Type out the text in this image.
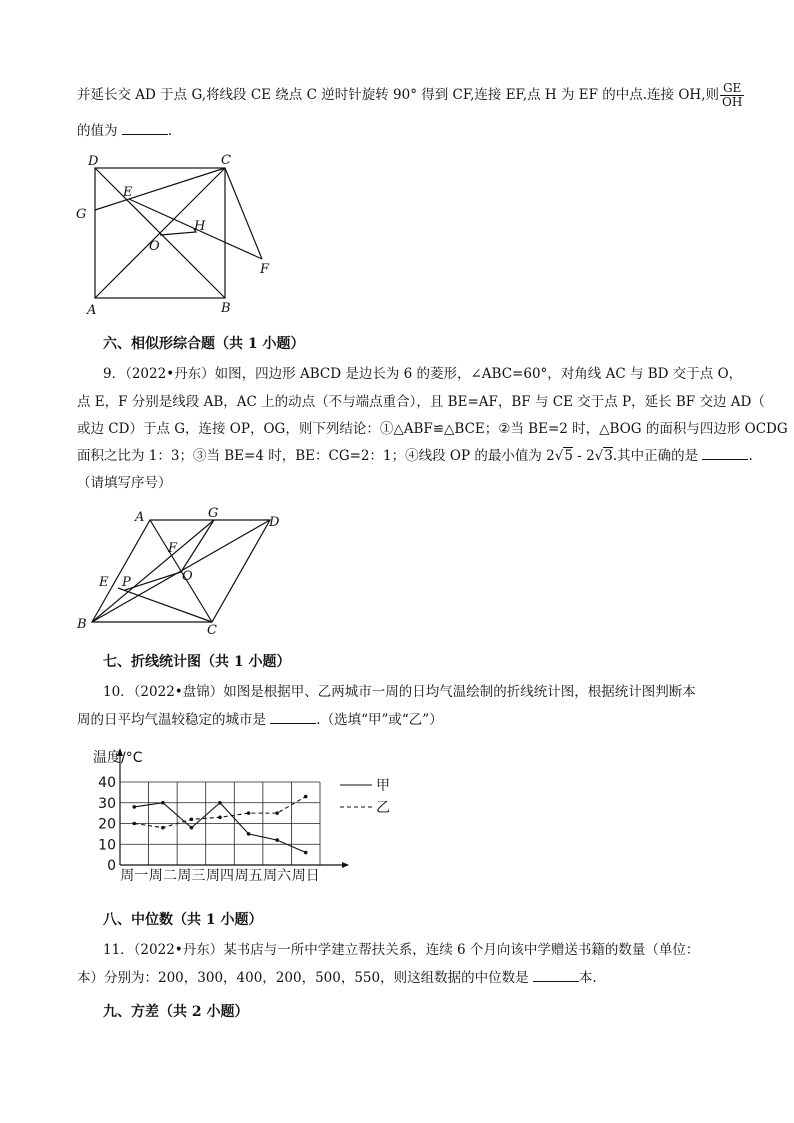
并延长交 AD 于点 G,将线段 CE 绕点 C 逆时针旋转 90° 得到 CF,连接 EF,点 H 为 EF 的中点.连接 OH,则 $\frac{GE}{OH}$
的值为	.
D	C
E
G
H
O
F
A	B
六、相似形综合题（共 1 小题）
9．（2022•丹东）如图，四边形 ABCD 是边长为 6 的菱形，∠ABC=60°，对角线 AC 与 BD 交于点 O，
点 E，F 分别是线段 AB，AC 上的动点（不与端点重合），且 BE=AF，BF 与 CE 交于点 P，延长 BF 交边 AD（
或边 CD）于点 G，连接 OP，OG，则下列结论：①△ABF≌△BCE；②当 BE=2 时，△BOG 的面积与四边形 OCDG
面积之比为 1：3；③当 BE=4 时，BE：CG=2：1；④线段 OP 的最小值为 2√5 - 2√3.其中正确的是	.
（请填写序号）
A	G
D
F
O
E P
B	C
七、折线统计图（共 1 小题）
10．（2022•盘锦）如图是根据甲、乙两城市一周的日均气温绘制的折线统计图，根据统计图判断本
周的日平均气温较稳定的城市是	.（选填“甲”或“乙”）
温度/°C
0
10
20
30
40
周一 周二 周三 周四 周五 周六 周日
甲
乙
八、中位数（共 1 小题）
11．（2022•丹东）某书店与一所中学建立帮扶关系，连续 6 个月向该中学赠送书籍的数量（单位：
本）分别为：200，300，400，200，500，550，则这组数据的中位数是	本.
九、方差（共 2 小题）
